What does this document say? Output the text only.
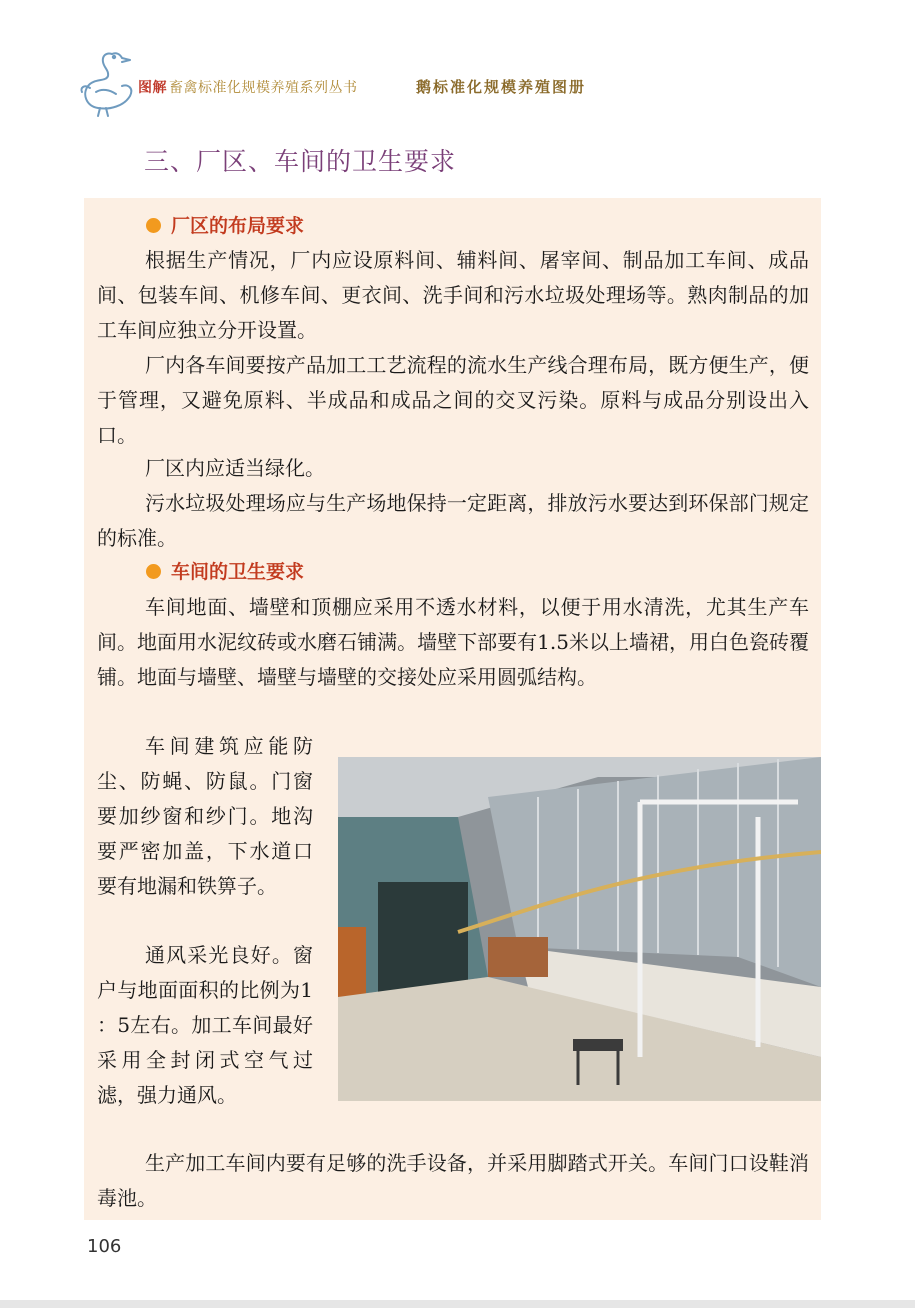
图解 畜禽标准化规模养殖系列丛书	鹅标准化规模养殖图册
三、厂区、车间的卫生要求
厂区的布局要求

根据生产情况，厂内应设原料间、辅料间、屠宰间、制品加工车间、成品间、包装车间、机修车间、更衣间、洗手间和污水垃圾处理场等。熟肉制品的加工车间应独立分开设置。

厂内各车间要按产品加工工艺流程的流水生产线合理布局，既方便生产，便于管理，又避免原料、半成品和成品之间的交叉污染。原料与成品分别设出入口。

厂区内应适当绿化。

污水垃圾处理场应与生产场地保持一定距离，排放污水要达到环保部门规定的标准。

车间的卫生要求

车间地面、墙壁和顶棚应采用不透水材料，以便于用水清洗，尤其生产车间。地面用水泥纹砖或水磨石铺满。墙壁下部要有1.5米以上墙裙，用白色瓷砖覆铺。地面与墙壁、墙壁与墙壁的交接处应采用圆弧结构。

车间建筑应能防尘、防蝇、防鼠。门窗要加纱窗和纱门。地沟要严密加盖，下水道口要有地漏和铁箅子。

通风采光良好。窗户与地面面积的比例为1 ：5左右。加工车间最好采用全封闭式空气过滤，强力通风。

生产加工车间内要有足够的洗手设备，并采用脚踏式开关。车间门口设鞋消毒池。

106
